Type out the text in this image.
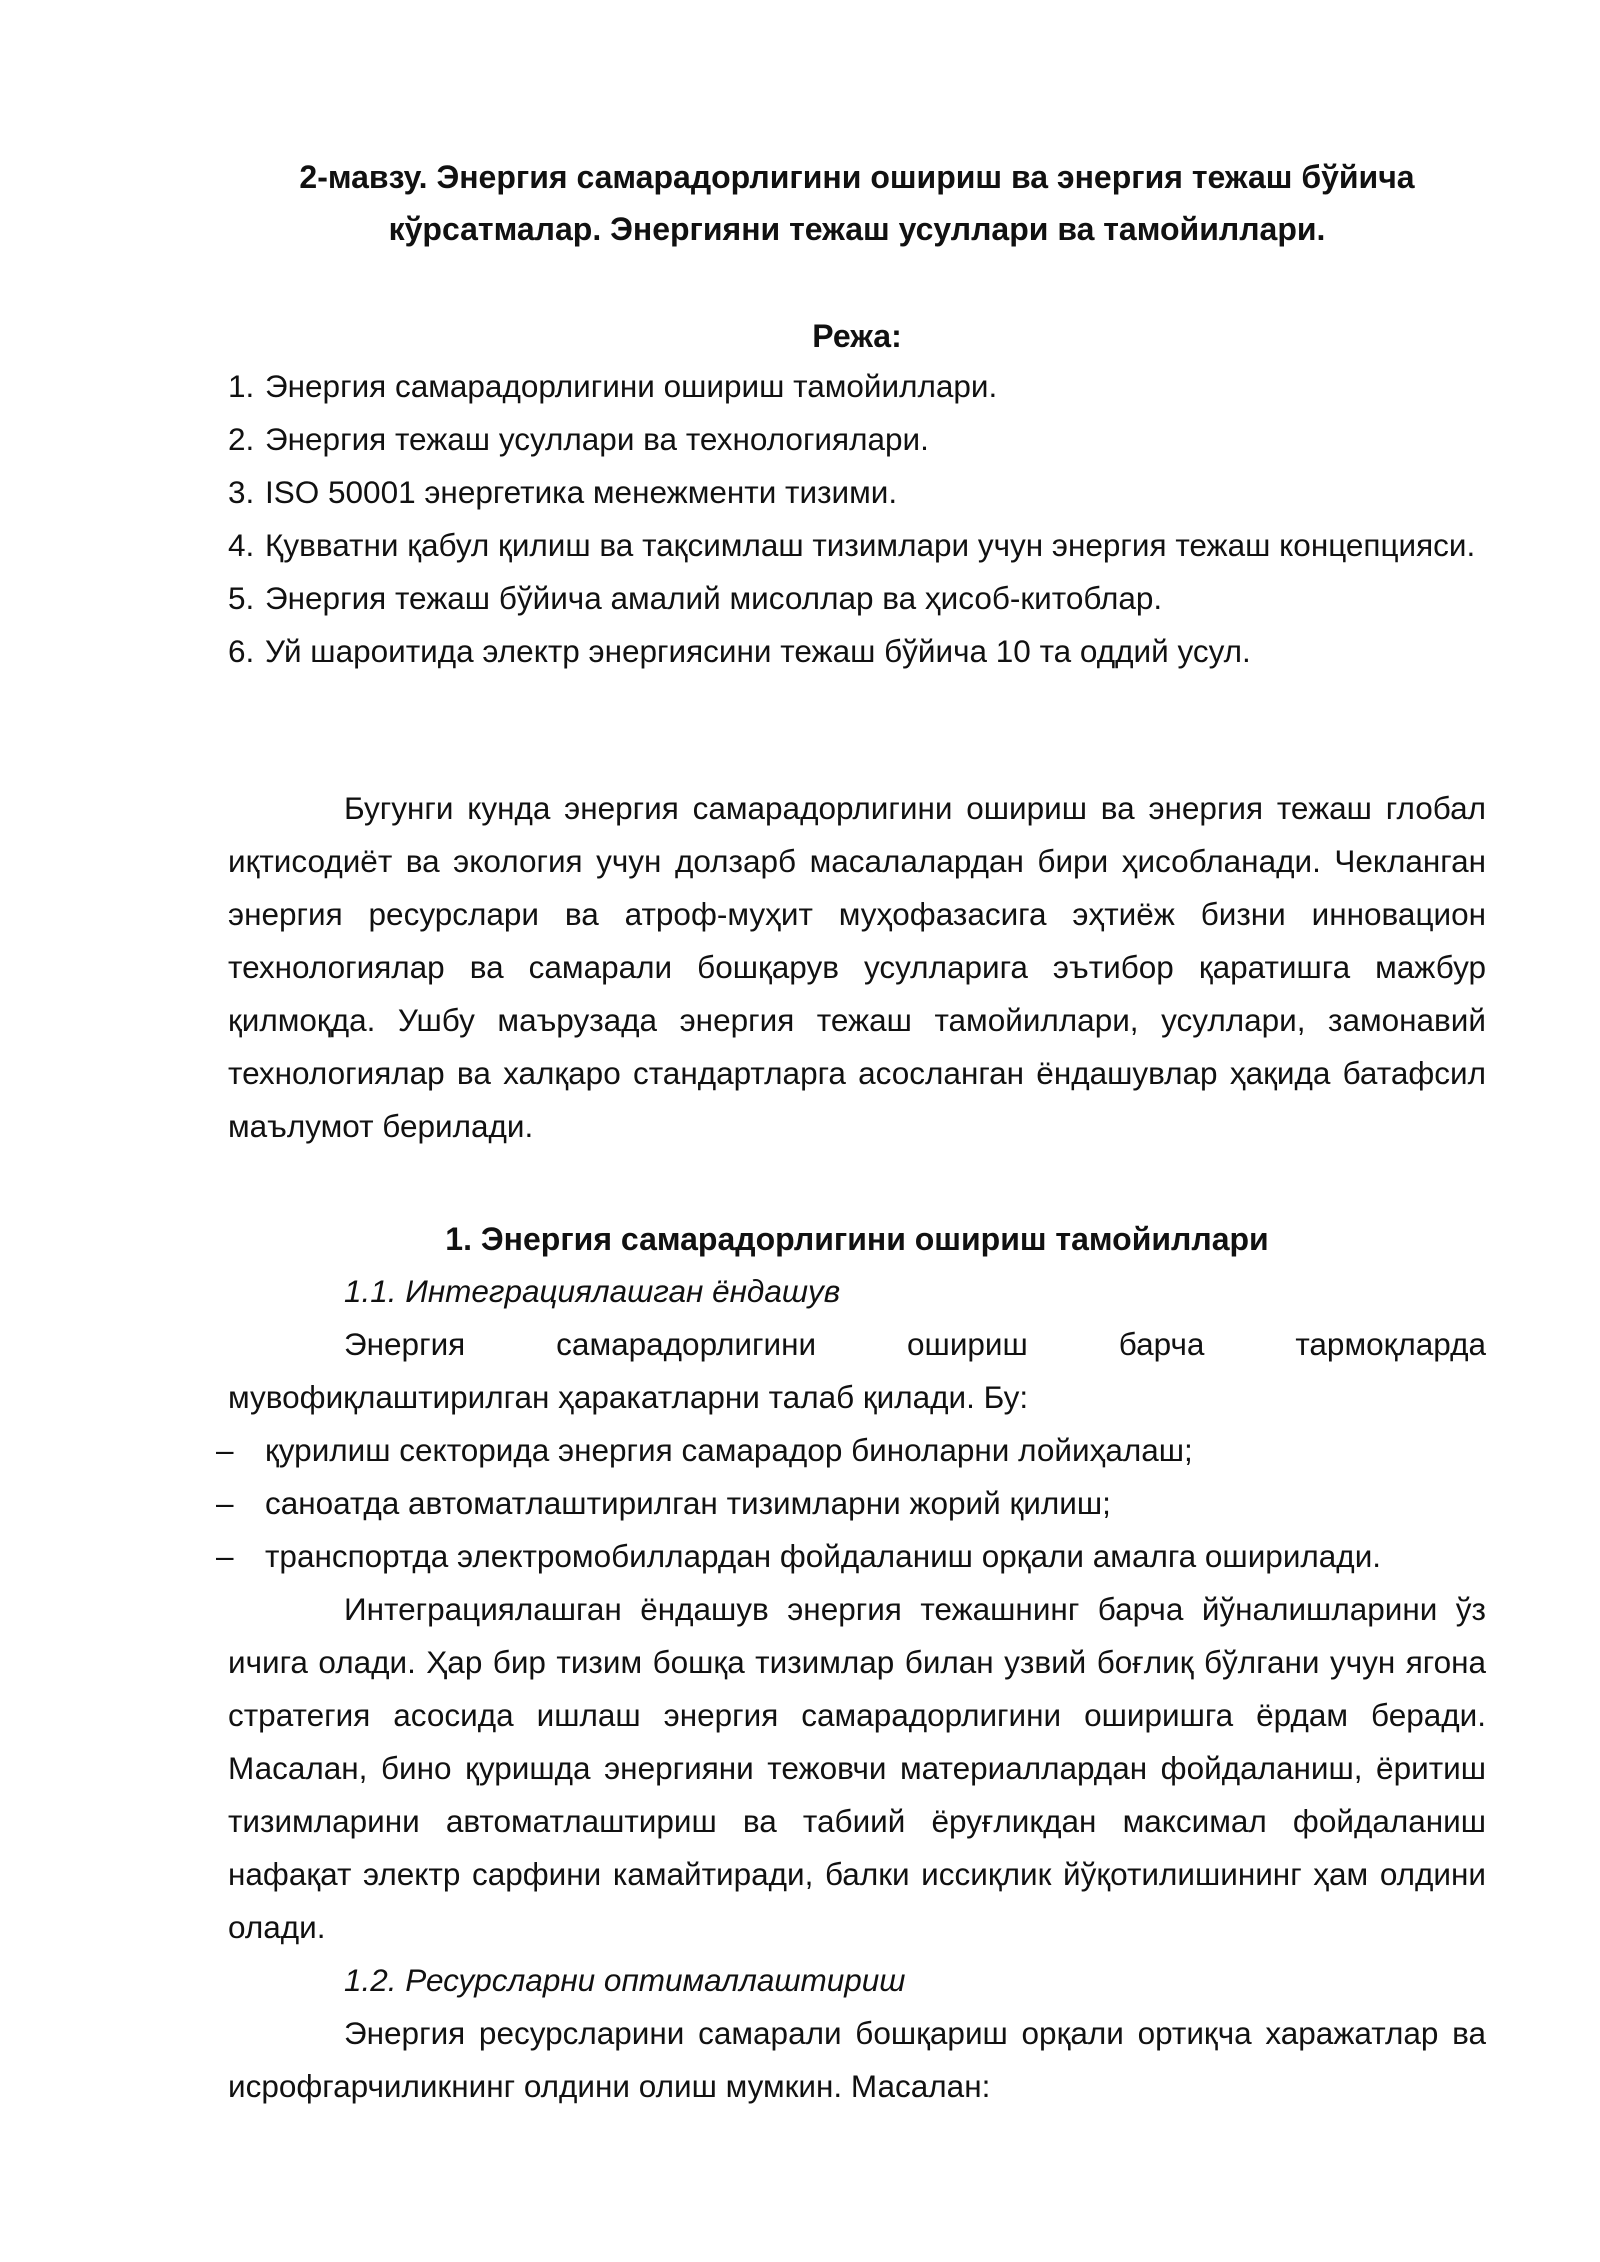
2-мавзу. Энергия самарадорлигини ошириш ва энергия тежаш бўйича
кўрсатмалар. Энергияни тежаш усуллари ва тамойиллари.
Режа:
1. Энергия самарадорлигини ошириш тамойиллари.
2. Энергия тежаш усуллари ва технологиялари.
3. ISO 50001 энергетика менежменти тизими.
4. Қувватни қабул қилиш ва тақсимлаш тизимлари учун энергия тежаш концепцияси.
5. Энергия тежаш бўйича амалий мисоллар ва ҳисоб-китоблар.
6. Уй шароитида электр энергиясини тежаш бўйича 10 та оддий усул.
Бугунги кунда энергия самарадорлигини ошириш ва энергия тежаш глобал иқтисодиёт ва экология учун долзарб масалалардан бири ҳисобланади. Чекланган энергия ресурслари ва атроф-муҳит муҳофазасига эҳтиёж бизни инновацион технологиялар ва самарали бошқарув усулларига эътибор қаратишга мажбур қилмоқда. Ушбу маърузада энергия тежаш тамойиллари, усуллари, замонавий технологиялар ва халқаро стандартларга асосланган ёндашувлар ҳақида батафсил маълумот берилади.
1. Энергия самарадорлигини ошириш тамойиллари
1.1. Интеграциялашган ёндашув
Энергия самарадорлигини ошириш барча тармоқларда мувофиқлаштирилган ҳаракатларни талаб қилади. Бу:
– қурилиш секторида энергия самарадор биноларни лойиҳалаш;
– саноатда автоматлаштирилган тизимларни жорий қилиш;
– транспортда электромобиллардан фойдаланиш орқали амалга оширилади.
Интеграциялашган ёндашув энергия тежашнинг барча йўналишларини ўз ичига олади. Ҳар бир тизим бошқа тизимлар билан узвий боғлиқ бўлгани учун ягона стратегия асосида ишлаш энергия самарадорлигини оширишга ёрдам беради. Масалан, бино қуришда энергияни тежовчи материаллардан фойдаланиш, ёритиш тизимларини автоматлаштириш ва табиий ёруғликдан максимал фойдаланиш нафақат электр сарфини камайтиради, балки иссиқлик йўқотилишининг ҳам олдини олади.
1.2. Ресурсларни оптималлаштириш
Энергия ресурсларини самарали бошқариш орқали ортиқча харажатлар ва исрофгарчиликнинг олдини олиш мумкин. Масалан:
